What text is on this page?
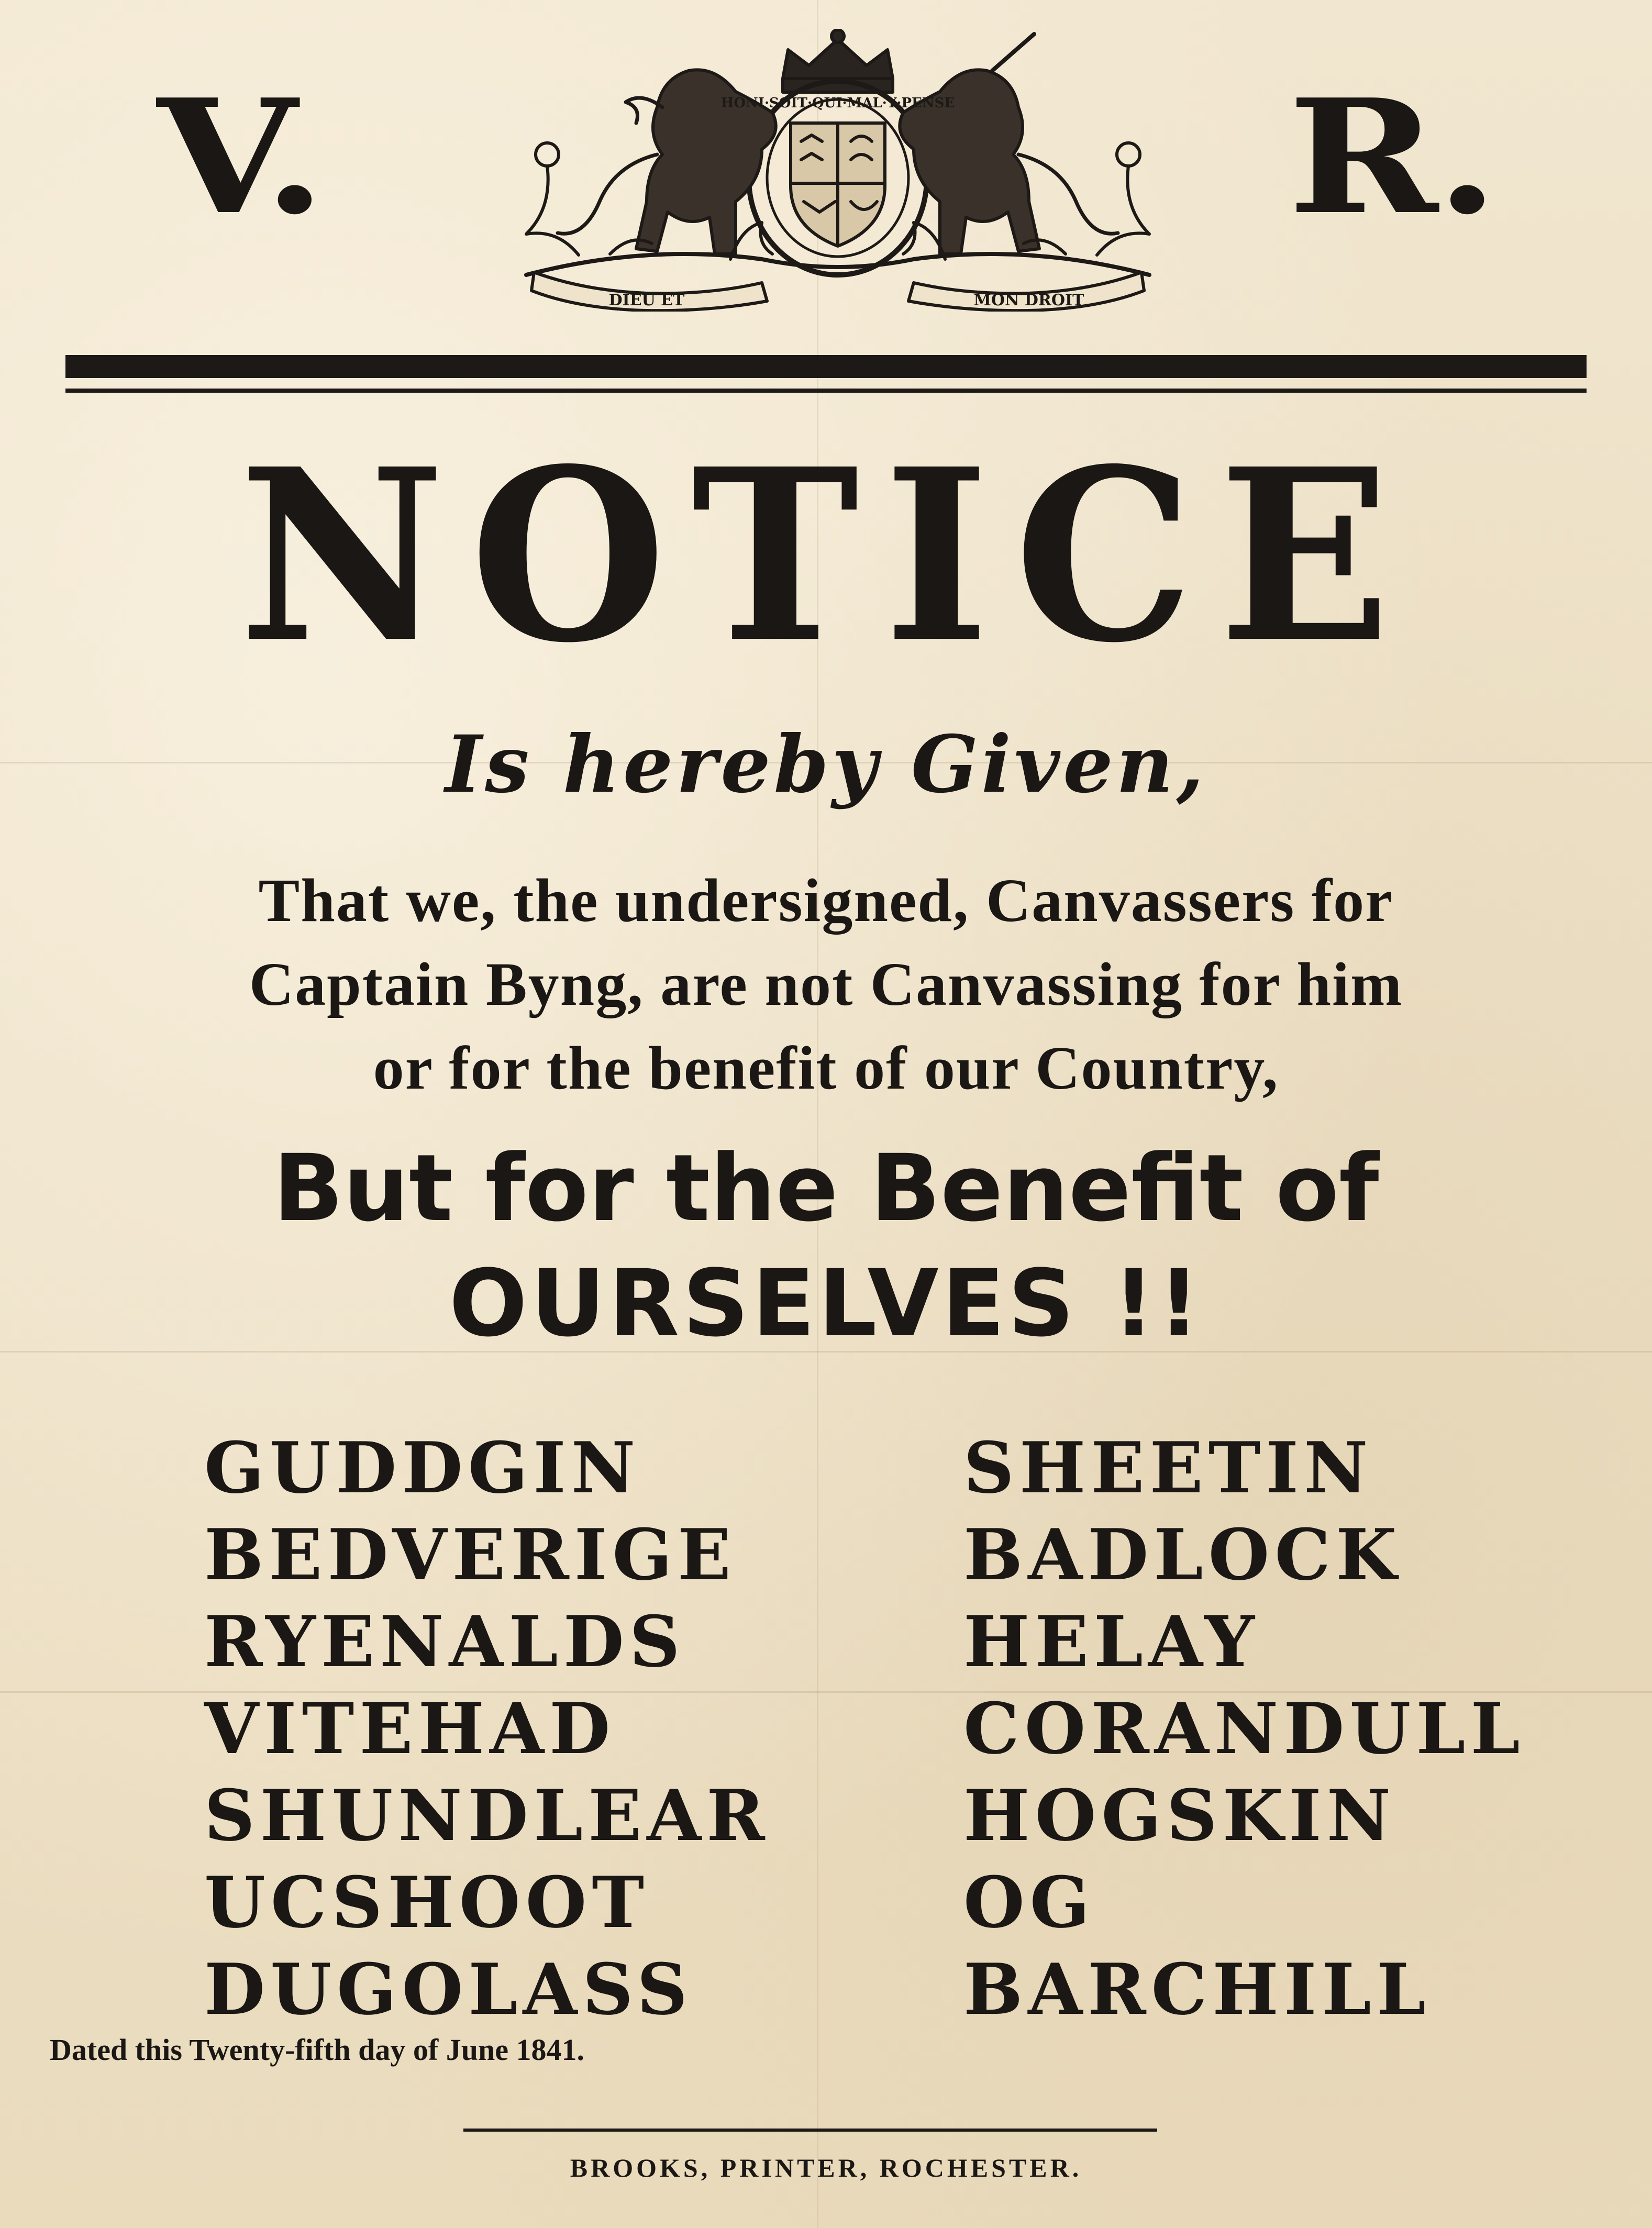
V.	R.
HONI·SOIT·QUI·MAL·Y·PENSE
DIEU ET	MON DROIT
NOTICE
Is hereby Given,
That we, the undersigned, Canvassers for
Captain Byng, are not Canvassing for him
or for the benefit of our Country,
But for the Benefit of
OURSELVES !!
GUDDGIN
BEDVERIGE
RYENALDS
VITEHAD
SHUNDLEAR
UCSHOOT
DUGOLASS
SHEETIN
BADLOCK
HELAY
CORANDULL
HOGSKIN
OG
BARCHILL
Dated this Twenty-fifth day of June 1841.
BROOKS, PRINTER, ROCHESTER.
